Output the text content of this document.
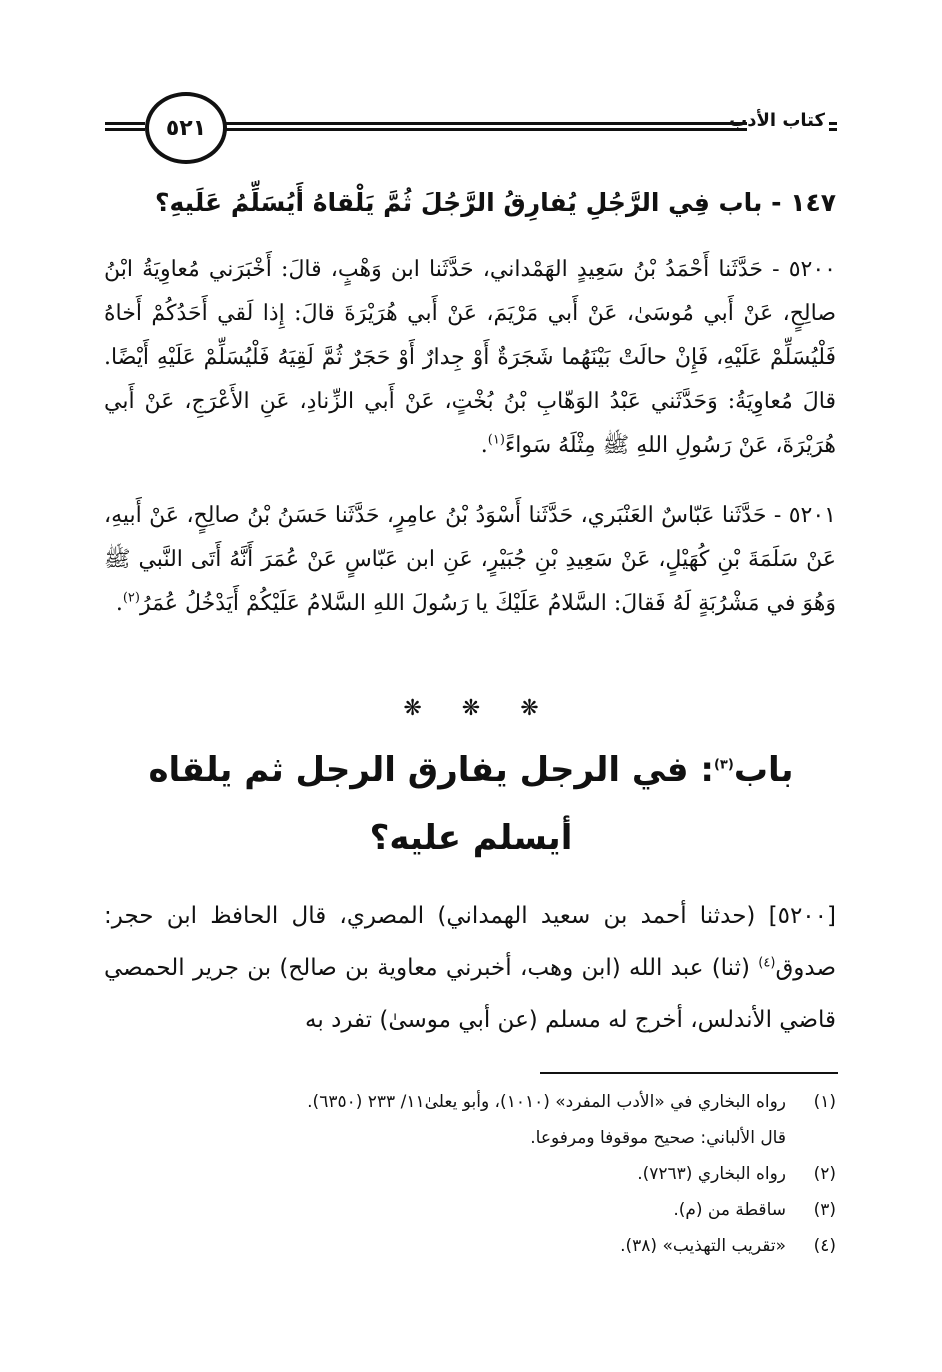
كتاب الأدب
٥٢١
١٤٧ - باب فِي الرَّجُلِ يُفارِقُ الرَّجُلَ ثُمَّ يَلْقاهُ أَيُسَلِّمُ عَلَيهِ؟
٥٢٠٠ - حَدَّثَنا أَحْمَدُ بْنُ سَعِيدٍ الهَمْداني، حَدَّثَنا ابن وَهْبٍ، قالَ: أَخْبَرَني مُعاوِيَةُ ابْنُ صالِحٍ، عَنْ أَبي مُوسَىٰ، عَنْ أَبي مَرْيَمَ، عَنْ أَبي هُرَيْرَةَ قالَ: إِذا لَقي أَحَدُكُمْ أَخاهُ فَلْيُسَلِّمْ عَلَيْهِ، فَإِنْ حالَتْ بَيْنَهُما شَجَرَةٌ أَوْ جِدارٌ أَوْ حَجَرٌ ثُمَّ لَقِيَهُ فَلْيُسَلِّمْ عَلَيْهِ أَيْضًا. قالَ مُعاوِيَةُ: وَحَدَّثَني عَبْدُ الوَهّابِ بْنُ بُخْتٍ، عَنْ أَبي الزِّنادِ، عَنِ الأَعْرَجِ، عَنْ أَبي هُرَيْرَةَ، عَنْ رَسُولِ اللهِ ﷺ مِثْلَهُ سَواءً$^{(١)}$.
٥٢٠١ - حَدَّثَنا عَبّاسٌ العَنْبَري، حَدَّثَنا أَسْوَدُ بْنُ عامِرٍ، حَدَّثَنا حَسَنُ بْنُ صالِحٍ، عَنْ أَبيهِ، عَنْ سَلَمَةَ بْنِ كُهَيْلٍ، عَنْ سَعِيدِ بْنِ جُبَيْرٍ، عَنِ ابن عَبّاسٍ عَنْ عُمَرَ أَنَّهُ أَتَى النَّبي ﷺ وَهُوَ في مَشْرُبَةٍ لَهُ فَقالَ: السَّلامُ عَلَيْكَ يا رَسُولَ اللهِ السَّلامُ عَلَيْكُمْ أَيَدْخُلُ عُمَرُ$^{(٢)}$.
❋ ❋ ❋
باب$^{(٣)}$: في الرجل يفارق الرجل ثم يلقاه
أيسلم عليه؟
[٥٢٠٠] (حدثنا أحمد بن سعيد الهمداني) المصري، قال الحافظ ابن حجر: صدوق$^{(٤)}$ (ثنا) عبد الله (ابن وهب، أخبرني معاوية بن صالح) بن جرير الحمصي قاضي الأندلس، أخرج له مسلم (عن أبي موسىٰ) تفرد به
(١)
رواه البخاري في «الأدب المفرد» (١٠١٠)، وأبو يعلىٰ١١/ ٢٣٣ (٦٣٥٠).
قال الألباني: صحيح موقوفا ومرفوعا.
(٢)
رواه البخاري (٧٢٦٣).
(٣)
ساقطة من (م).
(٤)
«تقريب التهذيب» (٣٨).
